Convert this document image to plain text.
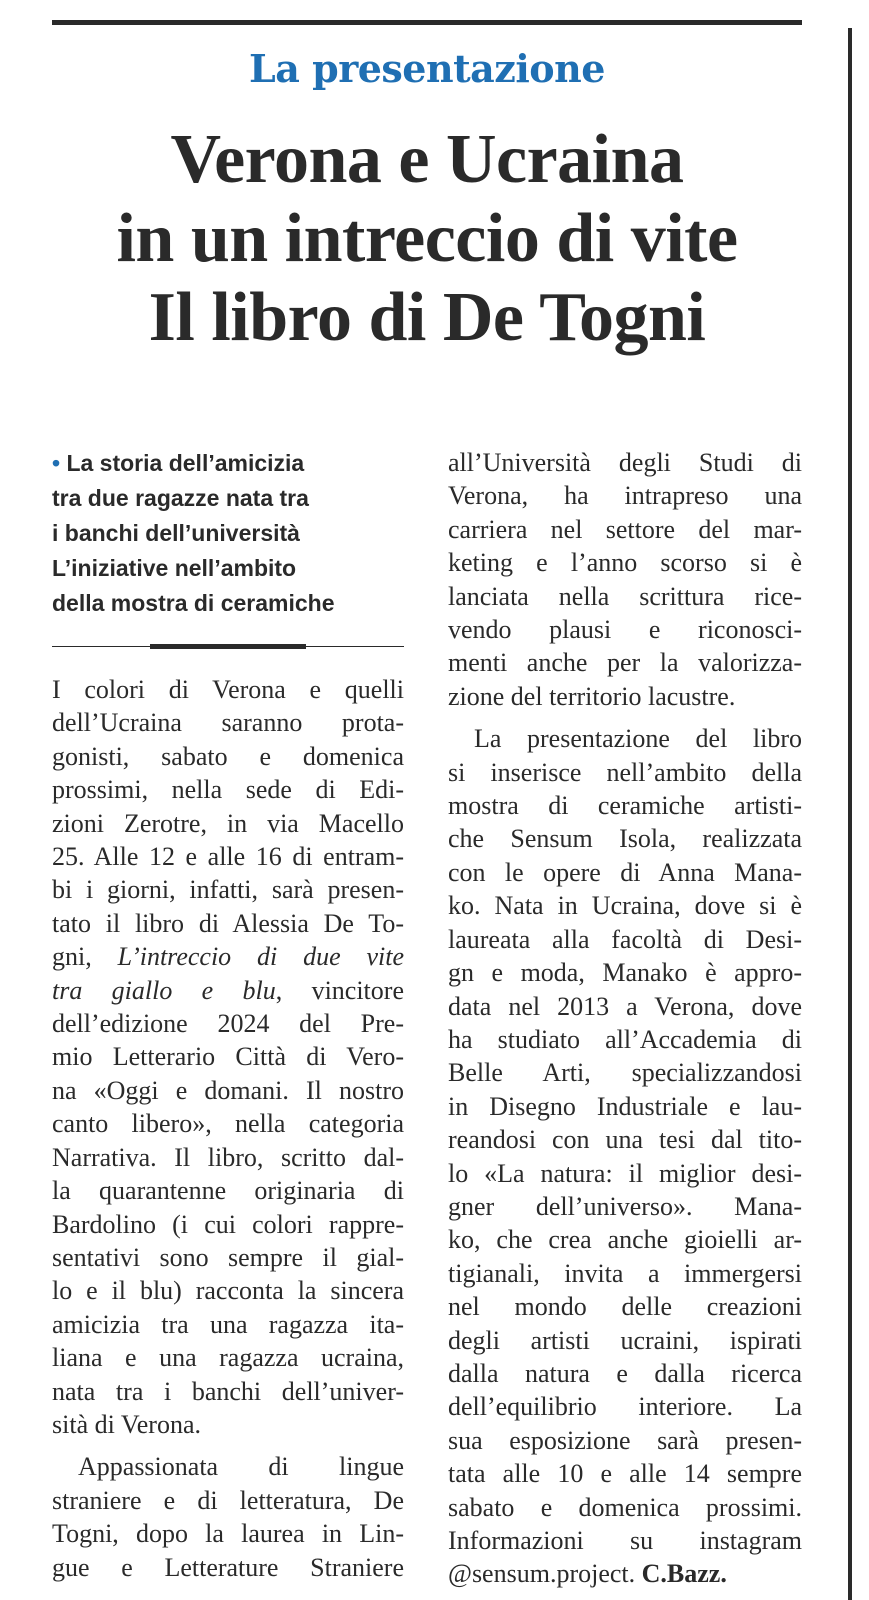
La presentazione
Verona e Ucraina
in un intreccio di vite
Il libro di De Togni
• La storia dell’amicizia
tra due ragazze nata tra
i banchi dell’università
L’iniziative nell’ambito
della mostra di ceramiche
I colori di Verona e quelli
dell’Ucraina saranno prota-
gonisti, sabato e domenica
prossimi, nella sede di Edi-
zioni Zerotre, in via Macello
25. Alle 12 e alle 16 di entram-
bi i giorni, infatti, sarà presen-
tato il libro di Alessia De To-
gni, L’intreccio di due vite
tra giallo e blu, vincitore
dell’edizione 2024 del Pre-
mio Letterario Città di Vero-
na «Oggi e domani. Il nostro
canto libero», nella categoria
Narrativa. Il libro, scritto dal-
la quarantenne originaria di
Bardolino (i cui colori rappre-
sentativi sono sempre il gial-
lo e il blu) racconta la sincera
amicizia tra una ragazza ita-
liana e una ragazza ucraina,
nata tra i banchi dell’univer-
sità di Verona.
Appassionata di lingue
straniere e di letteratura, De
Togni, dopo la laurea in Lin-
gue e Letterature Straniere
all’Università degli Studi di
Verona, ha intrapreso una
carriera nel settore del mar-
keting e l’anno scorso si è
lanciata nella scrittura rice-
vendo plausi e riconosci-
menti anche per la valorizza-
zione del territorio lacustre.
La presentazione del libro
si inserisce nell’ambito della
mostra di ceramiche artisti-
che Sensum Isola, realizzata
con le opere di Anna Mana-
ko. Nata in Ucraina, dove si è
laureata alla facoltà di Desi-
gn e moda, Manako è appro-
data nel 2013 a Verona, dove
ha studiato all’Accademia di
Belle Arti, specializzandosi
in Disegno Industriale e lau-
reandosi con una tesi dal tito-
lo «La natura: il miglior desi-
gner dell’universo». Mana-
ko, che crea anche gioielli ar-
tigianali, invita a immergersi
nel mondo delle creazioni
degli artisti ucraini, ispirati
dalla natura e dalla ricerca
dell’equilibrio interiore. La
sua esposizione sarà presen-
tata alle 10 e alle 14 sempre
sabato e domenica prossimi.
Informazioni su instagram
@sensum.project. C.Bazz.
